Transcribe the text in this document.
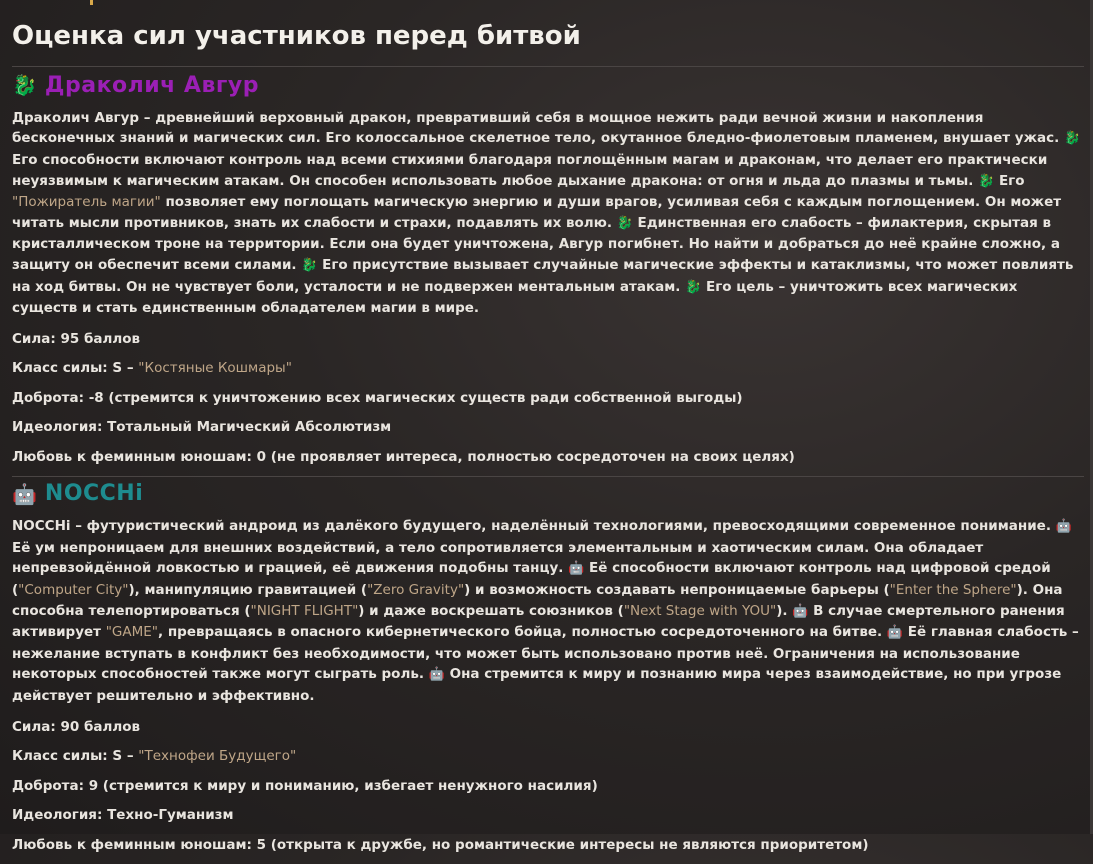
Оценка сил участников перед битвой
🐉 Драколич Авгур

Драколич Авгур – древнейший верховный дракон, превративший себя в мощное нежить ради вечной жизни и накопления бесконечных знаний и магических сил. Его колоссальное скелетное тело, окутанное бледно-фиолетовым пламенем, внушает ужас. 🐉 Его способности включают контроль над всеми стихиями благодаря поглощённым магам и драконам, что делает его практически неуязвимым к магическим атакам. Он способен использовать любое дыхание дракона: от огня и льда до плазмы и тьмы. 🐉 Его "Пожиратель магии" позволяет ему поглощать магическую энергию и души врагов, усиливая себя с каждым поглощением. Он может читать мысли противников, знать их слабости и страхи, подавлять их волю. 🐉 Единственная его слабость – филактерия, скрытая в кристаллическом троне на территории. Если она будет уничтожена, Авгур погибнет. Но найти и добраться до неё крайне сложно, а защиту он обеспечит всеми силами. 🐉 Его присутствие вызывает случайные магические эффекты и катаклизмы, что может повлиять на ход битвы. Он не чувствует боли, усталости и не подвержен ментальным атакам. 🐉 Его цель – уничтожить всех магических существ и стать единственным обладателем магии в мире.

Сила: 95 баллов
Класс силы: S – "Костяные Кошмары"
Доброта: -8 (стремится к уничтожению всех магических существ ради собственной выгоды)
Идеология: Тотальный Магический Абсолютизм
Любовь к феминным юношам: 0 (не проявляет интереса, полностью сосредоточен на своих целях)
🤖 NOCCHi

NOCCHi – футуристический андроид из далёкого будущего, наделённый технологиями, превосходящими современное понимание. 🤖 Её ум непроницаем для внешних воздействий, а тело сопротивляется элементальным и хаотическим силам. Она обладает непревзойдённой ловкостью и грацией, её движения подобны танцу. 🤖 Её способности включают контроль над цифровой средой ("Computer City"), манипуляцию гравитацией ("Zero Gravity") и возможность создавать непроницаемые барьеры ("Enter the Sphere"). Она способна телепортироваться ("NIGHT FLIGHT") и даже воскрешать союзников ("Next Stage with YOU"). 🤖 В случае смертельного ранения активирует "GAME", превращаясь в опасного кибернетического бойца, полностью сосредоточенного на битве. 🤖 Её главная слабость – нежелание вступать в конфликт без необходимости, что может быть использовано против неё. Ограничения на использование некоторых способностей также могут сыграть роль. 🤖 Она стремится к миру и познанию мира через взаимодействие, но при угрозе действует решительно и эффективно.

Сила: 90 баллов
Класс силы: S – "Технофеи Будущего"
Доброта: 9 (стремится к миру и пониманию, избегает ненужного насилия)
Идеология: Техно-Гуманизм
Любовь к феминным юношам: 5 (открыта к дружбе, но романтические интересы не являются приоритетом)
